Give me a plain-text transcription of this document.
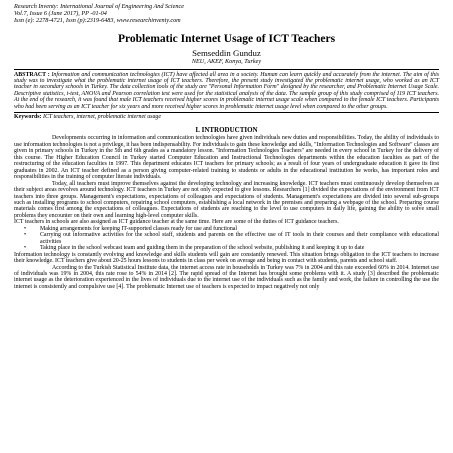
Research Inventy: International Journal of Engineering And Science
Vol.7, Issue 6 (June 2017), PP -01-04
Issn (e): 2278-4721, Issn (p):2319-6483, www.researchinventy.com
Problematic Internet Usage of ICT Teachers
Semseddin Gunduz
NEU, AKEF, Konya, Turkey
ABSTRACT : Information and communication technologies (ICT) have affected all area in a society. Human can learn quickly and accurately from the internet. The aim of this study was to investigate what the problematic internet usage of ICT teachers. Therefore, the present study investigated the problematic internet usage, who worked as an ICT teacher in secondary schools in Turkey. The data collection tools of the study are "Personal Information Form" designed by the researcher, and Problematic Internet Usage Scale. Descriptive statistics, t-test, ANOVA and Pearson correlation test were used for the statistical analysis of the data. The sample group of this study comprised of 119 ICT teachers. At the end of the research, it was found that male ICT teachers received higher scores in problematic internet usage scale when compared to the female ICT teachers. Participants who had been serving as an ICT teacher for six years and more received higher scores in problematic internet usage level when compared to the other groups.
Keywords: ICT teachers, internet, problematic internet usage
I. INTRODUCTION

Developments occurring in information and communication technologies have given individuals new duties and responsibilities. Today, the ability of individuals to use information technologies is not a privilege, it has been indispensability. For individuals to gain these knowledge and skills, "Information Technologies and Software" classes are given in primary schools in Turkey in the 5th and 6th grades as a mandatory lesson. "Information Technologies Teachers" are needed in every school in Turkey for the delivery of this course. The Higher Education Council in Turkey started Computer Education and Instructional Technologies departments within the education faculties as part of the restructuring of the education faculties in 1997. This department educates ICT teachers for primary schools; as a result of four years of undergraduate education it gave its first graduates in 2002. An ICT teacher defined as a person giving computer-related training to students or adults in the educational institution he works, has important roles and responsibilities in the training of computer literate individuals.

Today, all teachers must improve themselves against the developing technology and increasing knowledge. ICT teachers must continuously develop themselves as their subject areas revolves around technology. ICT teachers in Turkey are not only expected to give lessons. Researchers [1] divided the expectations of the environment from ICT teachers into three groups. Management's expectations, expectations of colleagues and expectations of students. Management's expectations are divided into several sub-groups such as installing programs to school computers, repairing school computers, establishing a local network in the premises and preparing a webpage of the school. Preparing course materials comes first among the expectations of colleagues. Expectations of students are reaching to the level to use computers in daily life, gaining the ability to solve small problems they encounter on their own and learning high-level computer skills.

ICT teachers in schools are also assigned as ICT guidance teacher at the same time. Here are some of the duties of ICT guidance teachers.

• Making arrangements for keeping IT-supported classes ready for use and functional
• Carrying out informative activities for the school staff, students and parents on the effective use of IT tools in their courses and their compliance with educational activities
• Taking place in the school webcast team and guiding them in the preparation of the school website, publishing it and keeping it up to date

Information technology is constantly evolving and knowledge and skills students will gain are constantly renewed. This situation brings obligation to the ICT teachers to increase their knowledge. ICT teachers give about 20-25 hours lessons to students in class per week on average and being in contact with students, parents and school staff.

According to the Turkish Statistical Institute data, the internet access rate in households in Turkey was 7% in 2004 and this rate exceeded 60% in 2014. Internet use of individuals was 19% in 2004, this rate rose to 54% in 2014 [2]. The rapid spread of the Internet has brought some problems with it. A study [3] described the problematic internet usage as the deterioration experienced in the lives of individuals due to the internet use of the individuals such as the family and work, the failure in controlling the use the internet is consistently and compulsive use [4]. The problematic Internet use of teachers is expected to impact negatively not only
